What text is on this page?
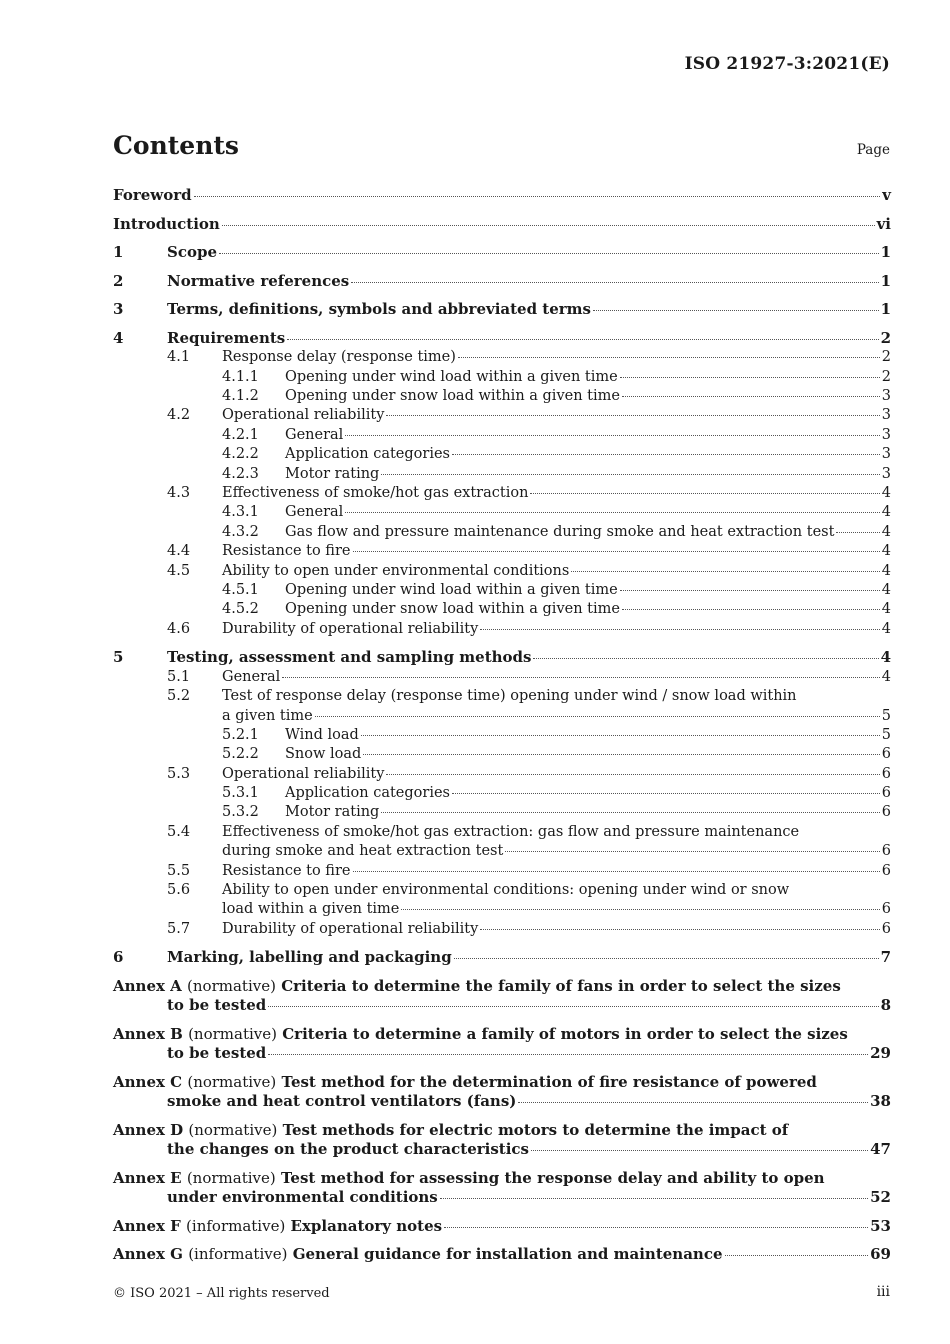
ISO 21927-3:2021(E)
Contents	Page
Foreword	v
Introduction	vi
1	Scope	1
2	Normative references	1
3	Terms, definitions, symbols and abbreviated terms	1
4	Requirements	2
4.1 Response delay (response time)	2
4.1.1 Opening under wind load within a given time	2
4.1.2 Opening under snow load within a given time	3
4.2 Operational reliability	3
4.2.1 General	3
4.2.2 Application categories	3
4.2.3 Motor rating	3
4.3 Effectiveness of smoke/hot gas extraction	4
4.3.1 General	4
4.3.2 Gas flow and pressure maintenance during smoke and heat extraction test	4
4.4 Resistance to fire	4
4.5 Ability to open under environmental conditions	4
4.5.1 Opening under wind load within a given time	4
4.5.2 Opening under snow load within a given time	4
4.6 Durability of operational reliability	4
5	Testing, assessment and sampling methods	4
5.1 General	4
5.2 Test of response delay (response time) opening under wind / snow load within
a given time	5
5.2.1 Wind load	5
5.2.2 Snow load	6
5.3 Operational reliability	6
5.3.1 Application categories	6
5.3.2 Motor rating	6
5.4 Effectiveness of smoke/hot gas extraction: gas flow and pressure maintenance
during smoke and heat extraction test	6
5.5 Resistance to fire	6
5.6 Ability to open under environmental conditions: opening under wind or snow
load within a given time	6
5.7 Durability of operational reliability	6
6	Marking, labelling and packaging	7
Annex A (normative) Criteria to determine the family of fans in order to select the sizes
to be tested	8
Annex B (normative) Criteria to determine a family of motors in order to select the sizes
to be tested	29
Annex C (normative) Test method for the determination of fire resistance of powered
smoke and heat control ventilators (fans)	38
Annex D (normative) Test methods for electric motors to determine the impact of
the changes on the product characteristics	47
Annex E (normative) Test method for assessing the response delay and ability to open
under environmental conditions	52
Annex F (informative) Explanatory notes	53
Annex G (informative) General guidance for installation and maintenance	69
© ISO 2021 – All rights reserved	iii
